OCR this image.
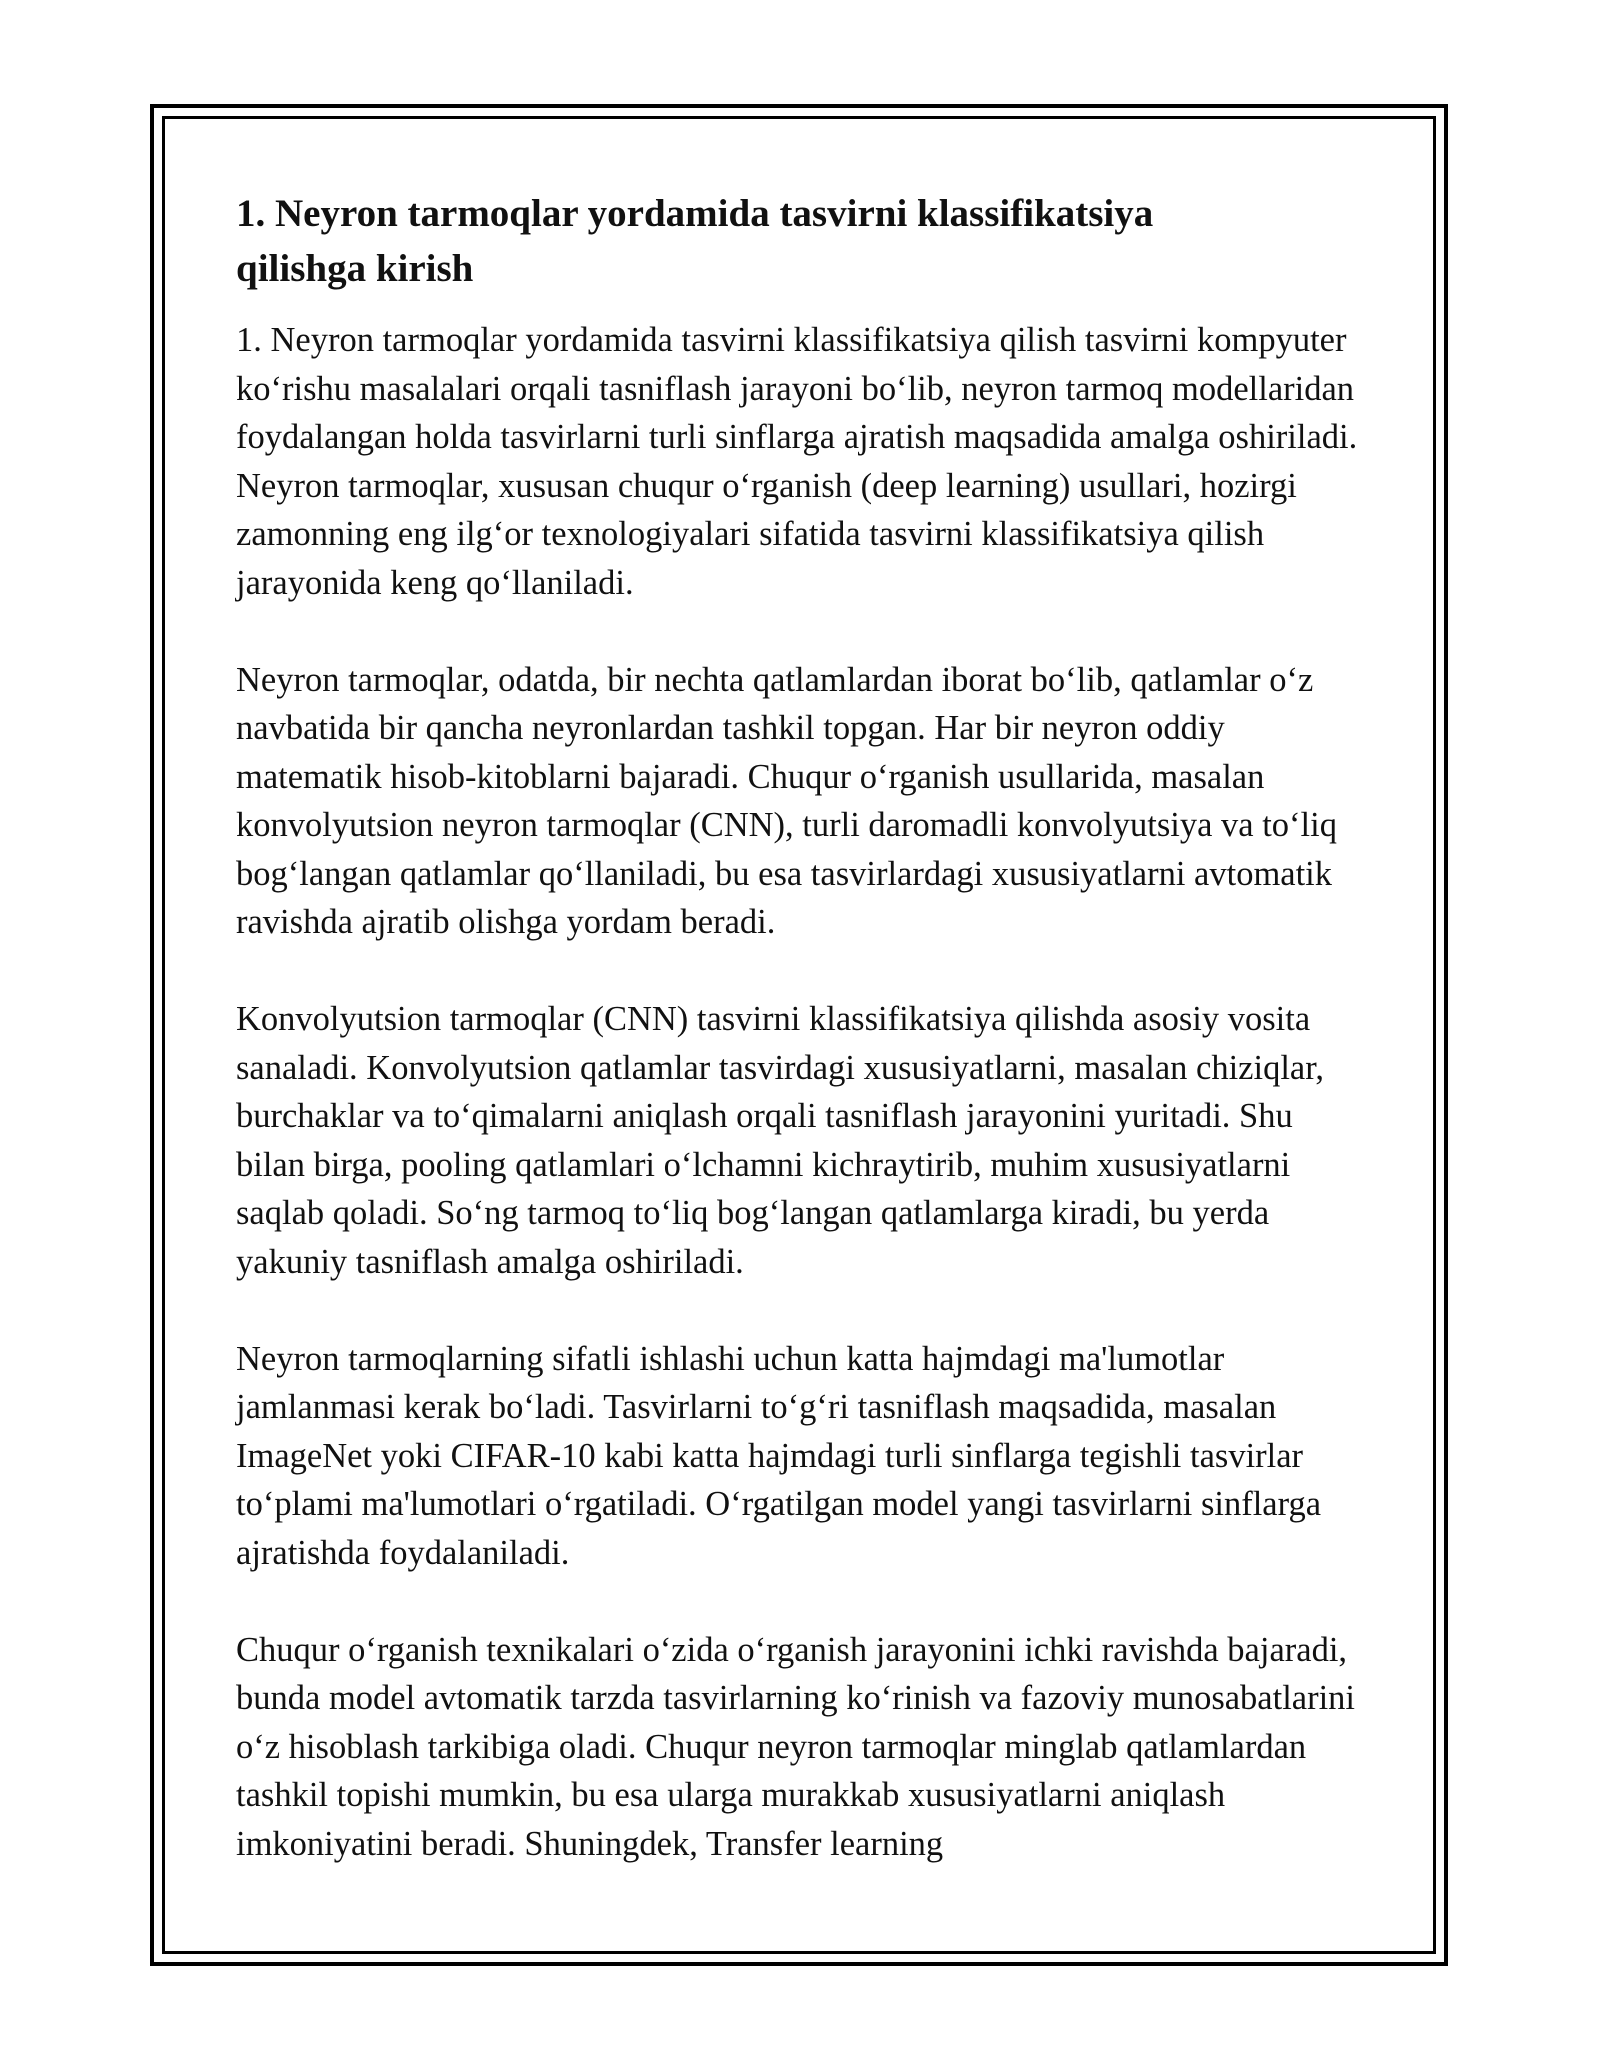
1. Neyron tarmoqlar yordamida tasvirni klassifikatsiya qilishga kirish

1. Neyron tarmoqlar yordamida tasvirni klassifikatsiya qilish tasvirni kompyuter ko‘rishu masalalari orqali tasniflash jarayoni bo‘lib, neyron tarmoq modellaridan foydalangan holda tasvirlarni turli sinflarga ajratish maqsadida amalga oshiriladi. Neyron tarmoqlar, xususan chuqur o‘rganish (deep learning) usullari, hozirgi zamonning eng ilg‘or texnologiyalari sifatida tasvirni klassifikatsiya qilish jarayonida keng qo‘llaniladi.

Neyron tarmoqlar, odatda, bir nechta qatlamlardan iborat bo‘lib, qatlamlar o‘z navbatida bir qancha neyronlardan tashkil topgan. Har bir neyron oddiy matematik hisob-kitoblarni bajaradi. Chuqur o‘rganish usullarida, masalan konvolyutsion neyron tarmoqlar (CNN), turli daromadli konvolyutsiya va to‘liq bog‘langan qatlamlar qo‘llaniladi, bu esa tasvirlardagi xususiyatlarni avtomatik ravishda ajratib olishga yordam beradi.

Konvolyutsion tarmoqlar (CNN) tasvirni klassifikatsiya qilishda asosiy vosita sanaladi. Konvolyutsion qatlamlar tasvirdagi xususiyatlarni, masalan chiziqlar, burchaklar va to‘qimalarni aniqlash orqali tasniflash jarayonini yuritadi. Shu bilan birga, pooling qatlamlari o‘lchamni kichraytirib, muhim xususiyatlarni saqlab qoladi. So‘ng tarmoq to‘liq bog‘langan qatlamlarga kiradi, bu yerda yakuniy tasniflash amalga oshiriladi.

Neyron tarmoqlarning sifatli ishlashi uchun katta hajmdagi ma'lumotlar jamlanmasi kerak bo‘ladi. Tasvirlarni to‘g‘ri tasniflash maqsadida, masalan ImageNet yoki CIFAR-10 kabi katta hajmdagi turli sinflarga tegishli tasvirlar to‘plami ma'lumotlari o‘rgatiladi. O‘rgatilgan model yangi tasvirlarni sinflarga ajratishda foydalaniladi.

Chuqur o‘rganish texnikalari o‘zida o‘rganish jarayonini ichki ravishda bajaradi, bunda model avtomatik tarzda tasvirlarning ko‘rinish va fazoviy munosabatlarini o‘z hisoblash tarkibiga oladi. Chuqur neyron tarmoqlar minglab qatlamlardan tashkil topishi mumkin, bu esa ularga murakkab xususiyatlarni aniqlash imkoniyatini beradi. Shuningdek, Transfer learning
